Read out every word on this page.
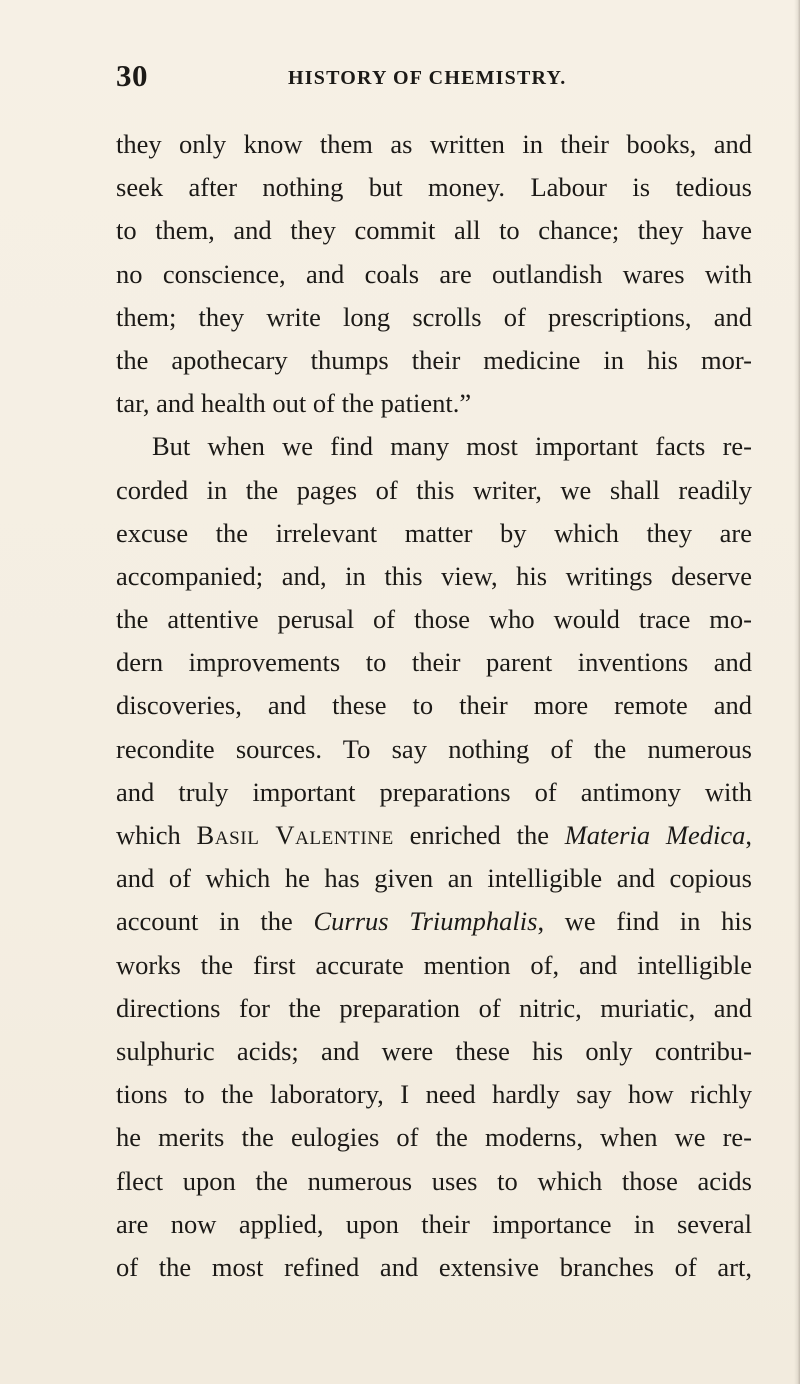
30	HISTORY OF CHEMISTRY.
they only know them as written in their books, and
seek after nothing but money. Labour is tedious
to them, and they commit all to chance; they have
no conscience, and coals are outlandish wares with
them; they write long scrolls of prescriptions, and
the apothecary thumps their medicine in his mor-
tar, and health out of the patient.”
But when we find many most important facts re-
corded in the pages of this writer, we shall readily
excuse the irrelevant matter by which they are
accompanied; and, in this view, his writings deserve
the attentive perusal of those who would trace mo-
dern improvements to their parent inventions and
discoveries, and these to their more remote and
recondite sources. To say nothing of the numerous
and truly important preparations of antimony with
which Basil Valentine enriched the Materia Medica,
and of which he has given an intelligible and copious
account in the Currus Triumphalis, we find in his
works the first accurate mention of, and intelligible
directions for the preparation of nitric, muriatic, and
sulphuric acids; and were these his only contribu-
tions to the laboratory, I need hardly say how richly
he merits the eulogies of the moderns, when we re-
flect upon the numerous uses to which those acids
are now applied, upon their importance in several
of the most refined and extensive branches of art,
